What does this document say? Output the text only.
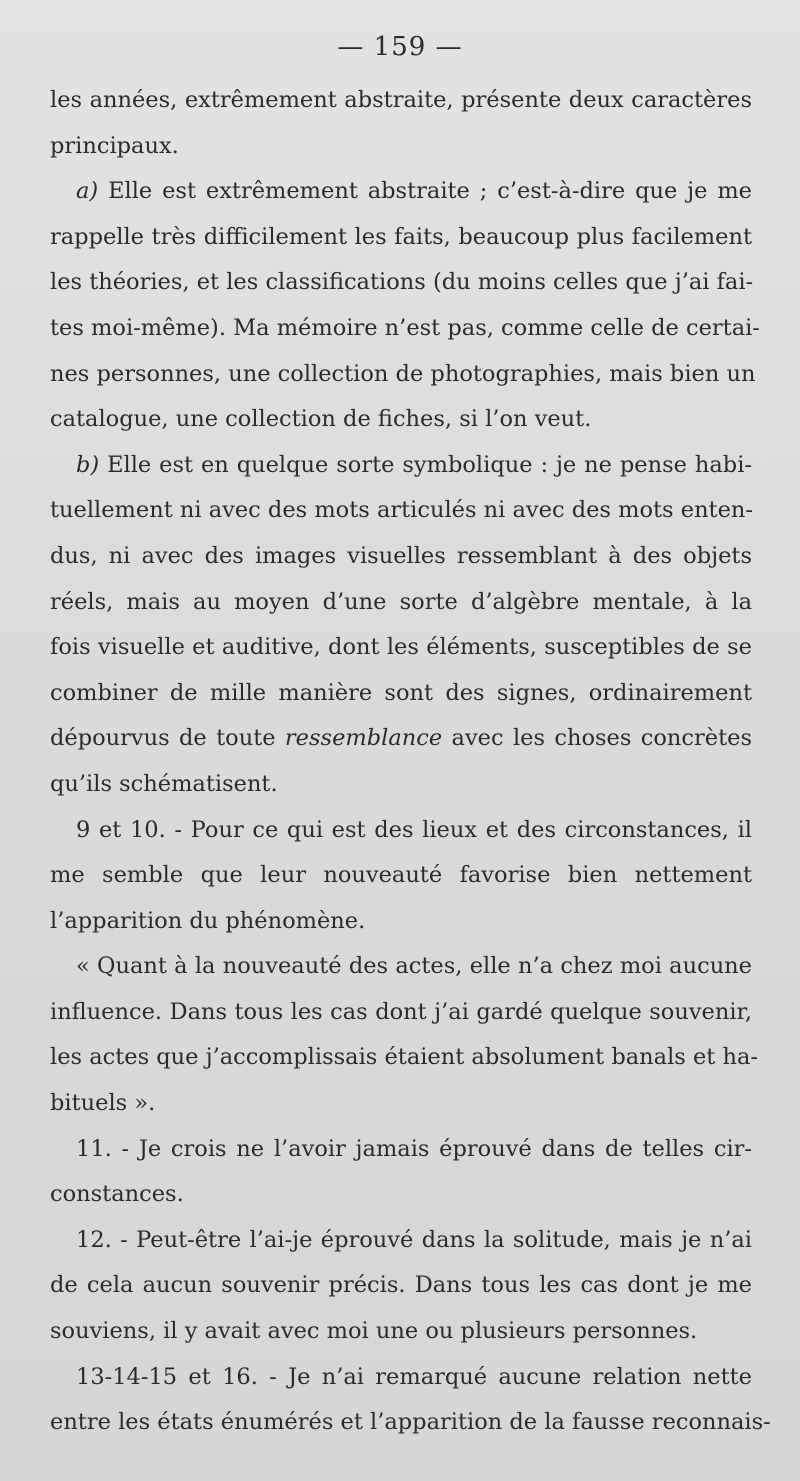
— 159 —
les années, extrêmement abstraite, présente deux caractères
principaux.
a) Elle est extrêmement abstraite ; c’est-à-dire que je me
rappelle très difficilement les faits, beaucoup plus facilement
les théories, et les classifications (du moins celles que j’ai fai-
tes moi-même). Ma mémoire n’est pas, comme celle de certai-
nes personnes, une collection de photographies, mais bien un
catalogue, une collection de fiches, si l’on veut.
b) Elle est en quelque sorte symbolique : je ne pense habi-
tuellement ni avec des mots articulés ni avec des mots enten-
dus, ni avec des images visuelles ressemblant à des objets
réels, mais au moyen d’une sorte d’algèbre mentale, à la
fois visuelle et auditive, dont les éléments, susceptibles de se
combiner de mille manière sont des signes, ordinairement
dépourvus de toute ressemblance avec les choses concrètes
qu’ils schématisent.
9 et 10. - Pour ce qui est des lieux et des circonstances, il
me semble que leur nouveauté favorise bien nettement
l’apparition du phénomène.
« Quant à la nouveauté des actes, elle n’a chez moi aucune
influence. Dans tous les cas dont j’ai gardé quelque souvenir,
les actes que j’accomplissais étaient absolument banals et ha-
bituels ».
11. - Je crois ne l’avoir jamais éprouvé dans de telles cir-
constances.
12. - Peut-être l’ai-je éprouvé dans la solitude, mais je n’ai
de cela aucun souvenir précis. Dans tous les cas dont je me
souviens, il y avait avec moi une ou plusieurs personnes.
13-14-15 et 16. - Je n’ai remarqué aucune relation nette
entre les états énumérés et l’apparition de la fausse reconnais-
